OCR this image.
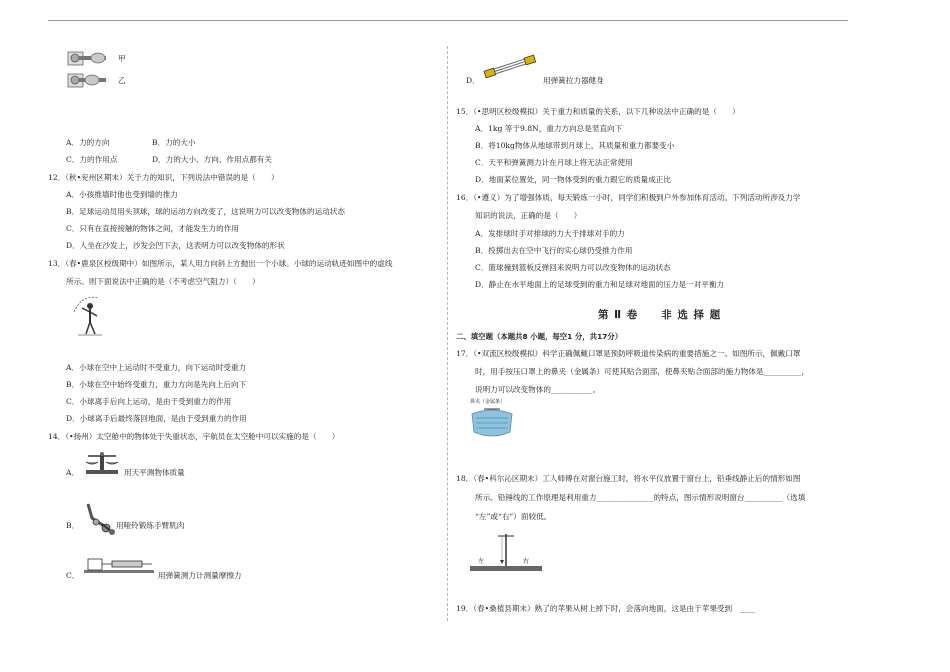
甲
乙
A．力的方向	B．力的大小
C．力的作用点	D．力的大小、方向、作用点都有关
12．（秋•兖州区期末）关于力的知识，下列说法中错误的是（　　）
A．小孩推墙时他也受到墙的推力
B．足球运动员用头顶球，球的运动方向改变了，这说明力可以改变物体的运动状态
C．只有在直接接触的物体之间，才能发生力的作用
D．人坐在沙发上，沙发会凹下去，这表明力可以改变物体的形状
13．（春•鹿泉区校级期中）如图所示，某人用力向斜上方抛出一个小球。小球的运动轨迹如图中的虚线
所示。则下面说法中正确的是（不考虑空气阻力）（　　）
A．小球在空中上运动时不受重力，向下运动时受重力
B．小球在空中始终受重力，重力方向是先向上后向下
C．小球离手后向上运动，是由于受到重力的作用
D．小球离手后最终落回地面，是由于受到重力的作用
14．（•扬州）太空舱中的物体处于失重状态，宇航员在太空舱中可以实施的是（　　）
A．	用天平测物体质量
B．	用哑铃锻练手臂肌肉
C．	用弹簧测力计测量摩擦力
D．	用弹簧拉力器健身
15．（•思明区校级模拟）关于重力和质量的关系，以下几种说法中正确的是（　　）
A．1kg 等于9.8N，重力方向总是竖直向下
B．将10kg物体从地球带到月球上，其质量和重力都要变小
C．天平和弹簧测力计在月球上将无法正常使用
D．地面某位置处，同一物体受到的重力跟它的质量成正比
16．（•遵义）为了增强体质，每天锻炼一小时，同学们积极到户外参加体育活动。下列活动所涉及力学
知识的说法，正确的是（　　）
A．发排球时手对排球的力大于排球对手的力
B．投掷出去在空中飞行的实心球仍受推力作用
C．篮球撞到篮板反弹回来说明力可以改变物体的运动状态
D．静止在水平地面上的足球受到的重力和足球对地面的压力是一对平衡力
第 Ⅱ 卷　　非 选 择 题
二、填空题（本题共8 小题，每空1 分，共17分）
17．（•双流区校级模拟）科学正确佩戴口罩是预防呼吸道传染病的重要措施之一。如图所示，佩戴口罩
时，用手按压口罩上的鼻夹（金属条）可使其贴合面部，使鼻夹贴合面部的施力物体是__________，
说明力可以改变物体的___________。
鼻夹（金属条）
18．（春•科尔沁区期末）工人师傅在对窗台施工时，将水平仪放置于窗台上，铅垂线静止后的情形如图
所示。铅锤线的工作原理是利用重力_______________的特点，图示情形说明窗台__________（选填
“左”或“右”）面较低。
左	右
19．（春•桑植县期末）熟了的苹果从树上掉下时，会落向地面，这是由于苹果受到　____
